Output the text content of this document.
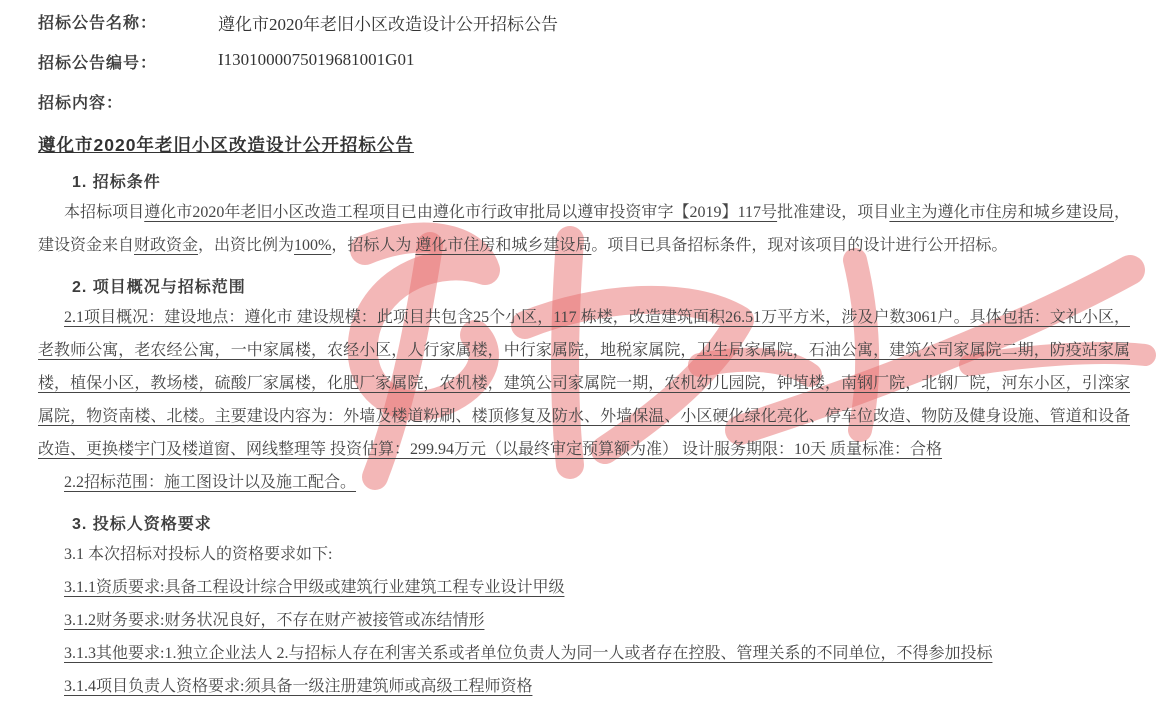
招标公告名称：	遵化市2020年老旧小区改造设计公开招标公告
招标公告编号：	I1301000075019681001G01
招标内容：
遵化市2020年老旧小区改造设计公开招标公告
1. 招标条件

本招标项目遵化市2020年老旧小区改造工程项目已由遵化市行政审批局以遵审投资审字【2019】117号批准建设，项目业主为遵化市住房和城乡建设局，建设资金来自财政资金，出资比例为100%，招标人为 遵化市住房和城乡建设局。项目已具备招标条件，现对该项目的设计进行公开招标。

2. 项目概况与招标范围

2.1项目概况：建设地点：遵化市 建设规模：此项目共包含25个小区，117 栋楼，改造建筑面积26.51万平方米，涉及户数3061户。具体包括：文礼小区，老教师公寓，老农经公寓，一中家属楼，农经小区，人行家属楼，中行家属院，地税家属院，卫生局家属院，石油公寓，建筑公司家属院二期，防疫站家属楼，植保小区，教场楼，硫酸厂家属楼，化肥厂家属院，农机楼，建筑公司家属院一期，农机幼儿园院，钟埴楼，南钢厂院，北钢厂院，河东小区，引滦家属院，物资南楼、北楼。主要建设内容为：外墙及楼道粉刷、楼顶修复及防水、外墙保温、小区硬化绿化亮化、停车位改造、物防及健身设施、管道和设备改造、更换楼宇门及楼道窗、网线整理等 投资估算：299.94万元（以最终审定预算额为准） 设计服务期限：10天 质量标准：合格

2.2招标范围：施工图设计以及施工配合。

3. 投标人资格要求

3.1 本次招标对投标人的资格要求如下:

3.1.1资质要求:具备工程设计综合甲级或建筑行业建筑工程专业设计甲级

3.1.2财务要求:财务状况良好，不存在财产被接管或冻结情形

3.1.3其他要求:1.独立企业法人 2.与招标人存在利害关系或者单位负责人为同一人或者存在控股、管理关系的不同单位，不得参加投标

3.1.4项目负责人资格要求:须具备一级注册建筑师或高级工程师资格
